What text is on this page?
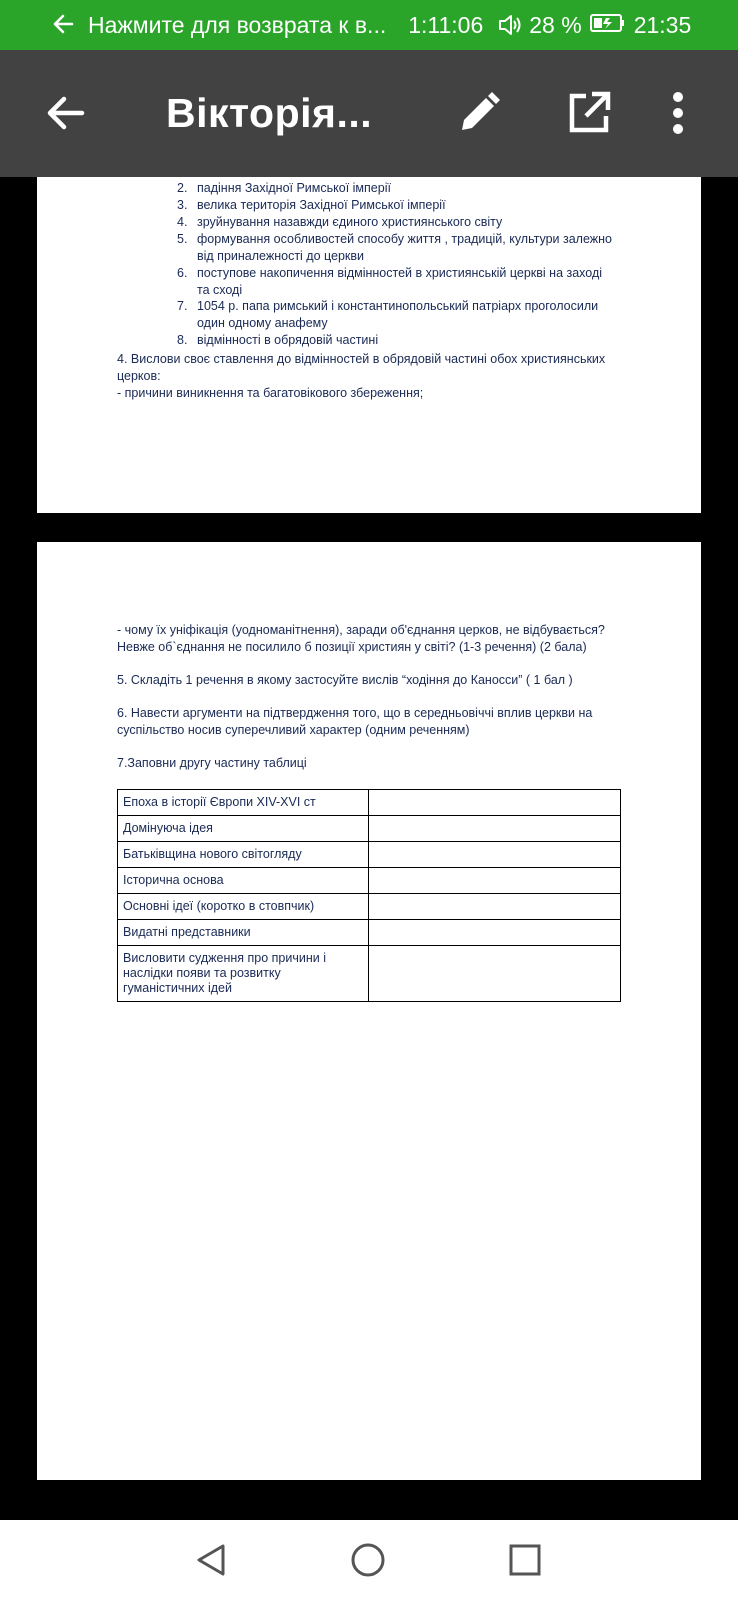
Нажмите для возврата к в... 1:11:06 28 % 21:35
Вікторія...
2. падіння Західної Римської імперії
3. велика територія Західної Римської імперії
4. зруйнування назавжди єдиного християнського світу
5. формування особливостей способу життя , традицій, культури залежно від приналежності до церкви
6. поступове накопичення відмінностей в християнській церкві на заході та сході
7. 1054 р. папа римський і константинопольський патріарх проголосили один одному анафему
8. відмінності в обрядовій частині
4. Вислови своє ставлення до відмінностей в обрядовій частині обох християнських церков:
- причини виникнення та багатовікового збереження;
- чому їх уніфікація (уодноманітнення), заради об'єднання церков, не відбувається? Невже об`єднання не посилило б позиції християн у світі? (1-3 речення) (2 бала)
5. Складіть 1 речення в якому застосуйте вислів “ходіння до Каносси” ( 1 бал )
6. Навести аргументи на підтвердження того, що в середньовіччі вплив церкви на суспільство носив суперечливий характер (одним реченням)
7.Заповни другу частину таблиці
Епоха в історії Європи XIV-XVI ст	
Домінуюча ідея	
Батьківщина нового світогляду	
Історична основа	
Основні ідеї (коротко в стовпчик)	
Видатні представники	
Висловити судження про причини і наслідки появи та розвитку гуманістичних ідей	
